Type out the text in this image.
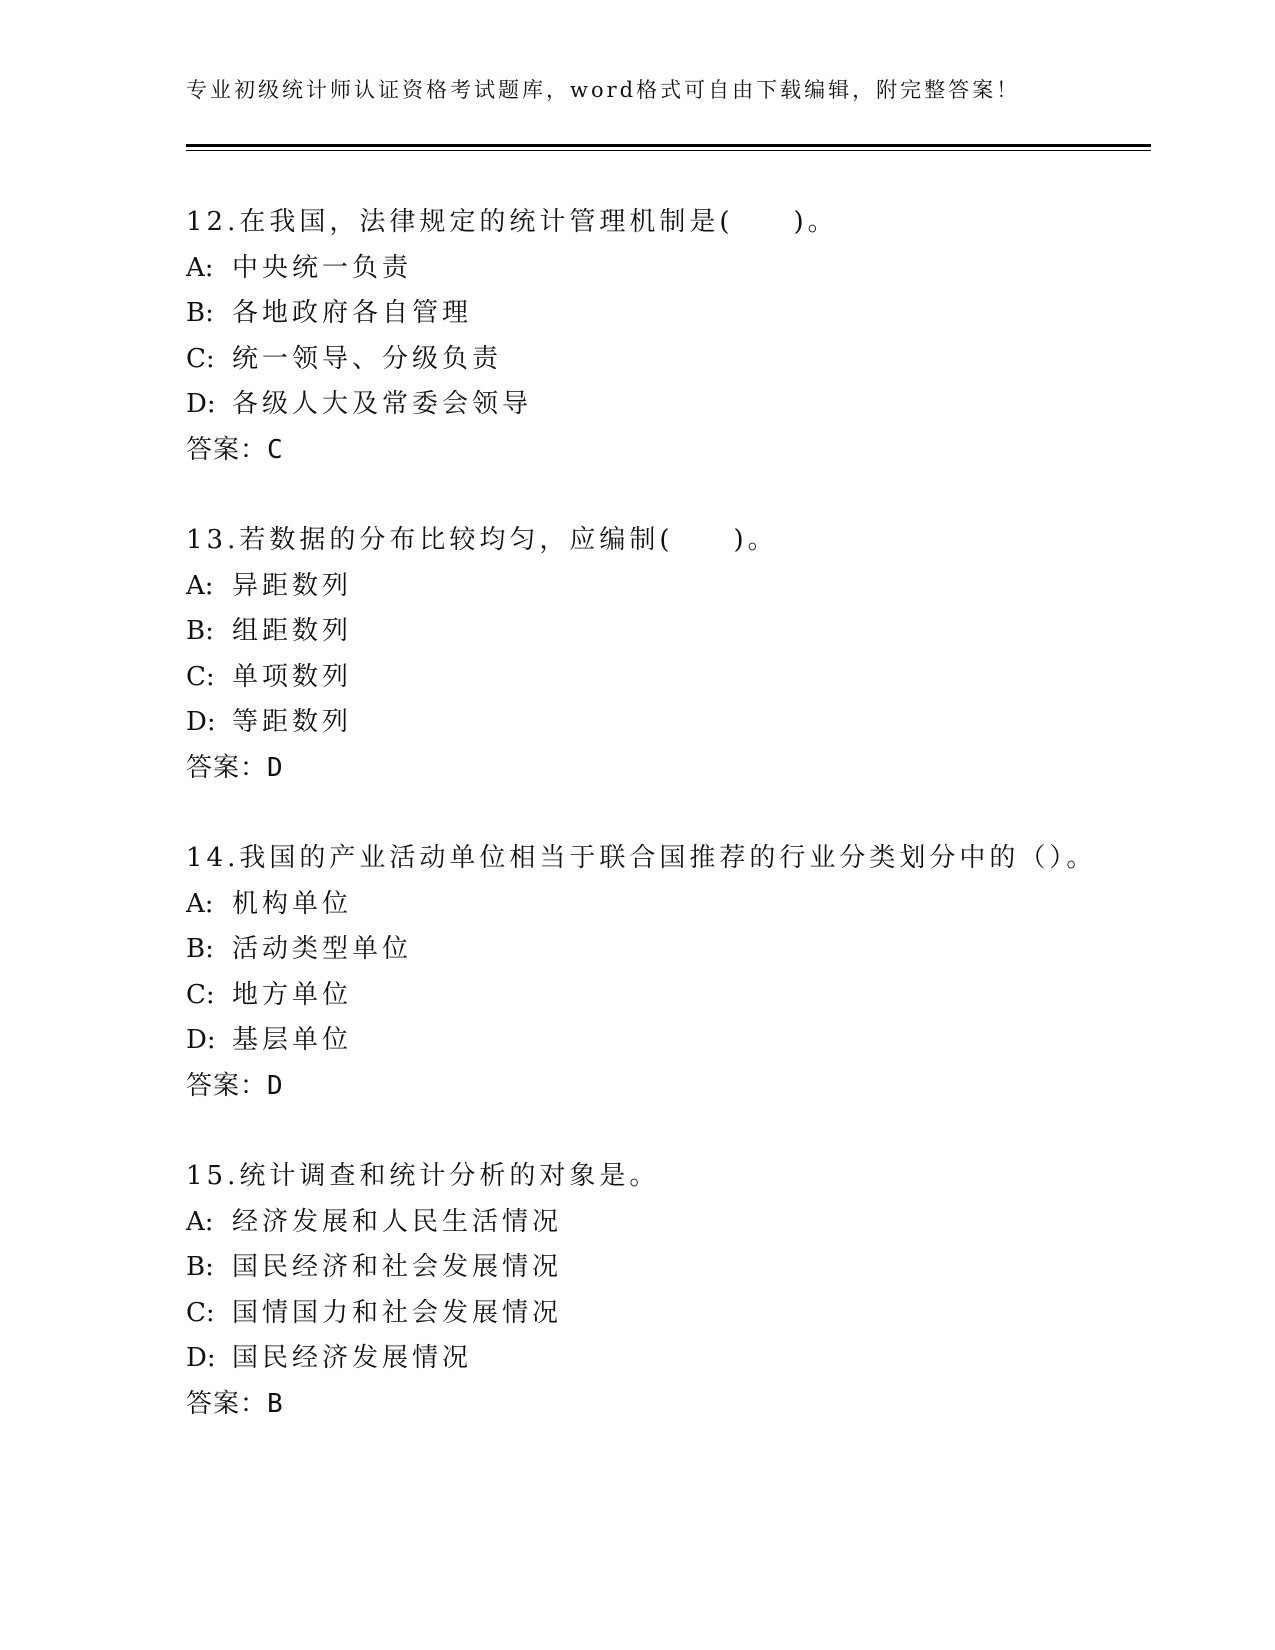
专业初级统计师认证资格考试题库，word格式可自由下载编辑，附完整答案！
12.在我国，法律规定的统计管理机制是(　　)。
A: 中央统一负责
B: 各地政府各自管理
C: 统一领导、分级负责
D: 各级人大及常委会领导
答案：C
13.若数据的分布比较均匀，应编制(　　)。
A: 异距数列
B: 组距数列
C: 单项数列
D: 等距数列
答案：D
14.我国的产业活动单位相当于联合国推荐的行业分类划分中的（）。
A: 机构单位
B: 活动类型单位
C: 地方单位
D: 基层单位
答案：D
15.统计调查和统计分析的对象是。
A: 经济发展和人民生活情况
B: 国民经济和社会发展情况
C: 国情国力和社会发展情况
D: 国民经济发展情况
答案：B
